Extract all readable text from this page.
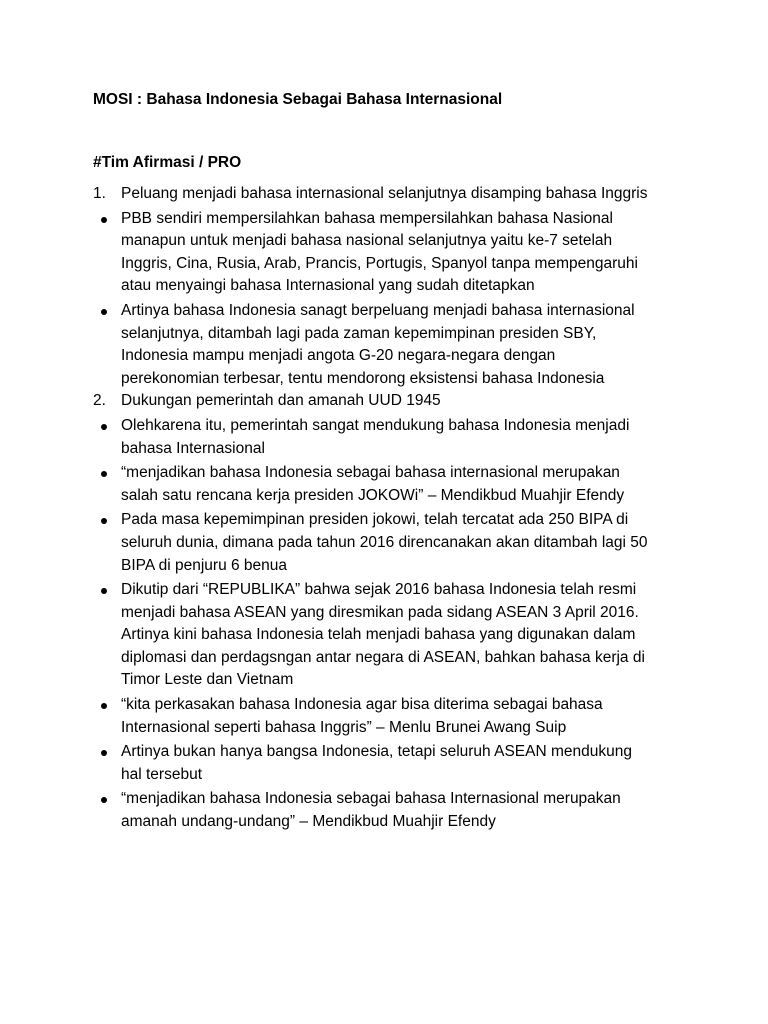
MOSI : Bahasa Indonesia Sebagai Bahasa Internasional
#Tim Afirmasi / PRO
1. Peluang menjadi bahasa internasional selanjutnya disamping bahasa Inggris
PBB sendiri mempersilahkan bahasa mempersilahkan bahasa Nasional manapun untuk menjadi bahasa nasional selanjutnya yaitu ke-7 setelah Inggris, Cina, Rusia, Arab, Prancis, Portugis, Spanyol tanpa mempengaruhi atau menyaingi bahasa Internasional yang sudah ditetapkan
Artinya bahasa Indonesia sanagt berpeluang menjadi bahasa internasional selanjutnya, ditambah lagi pada zaman kepemimpinan presiden SBY, Indonesia mampu menjadi angota G-20 negara-negara dengan perekonomian terbesar, tentu mendorong eksistensi bahasa Indonesia
2. Dukungan pemerintah dan amanah UUD 1945
Olehkarena itu, pemerintah sangat mendukung bahasa Indonesia menjadi bahasa Internasional
“menjadikan bahasa Indonesia sebagai bahasa internasional merupakan salah satu rencana kerja presiden JOKOWi” – Mendikbud Muahjir Efendy
Pada masa kepemimpinan presiden jokowi, telah tercatat ada 250 BIPA di seluruh dunia, dimana pada tahun 2016 direncanakan akan ditambah lagi 50 BIPA di penjuru 6 benua
Dikutip dari “REPUBLIKA” bahwa sejak 2016 bahasa Indonesia telah resmi menjadi bahasa ASEAN yang diresmikan pada sidang ASEAN 3 April 2016. Artinya kini bahasa Indonesia telah menjadi bahasa yang digunakan dalam diplomasi dan perdagsngan antar negara di ASEAN, bahkan bahasa kerja di Timor Leste dan Vietnam
“kita perkasakan bahasa Indonesia agar bisa diterima sebagai bahasa Internasional seperti bahasa Inggris” – Menlu Brunei Awang Suip
Artinya bukan hanya bangsa Indonesia, tetapi seluruh ASEAN mendukung hal tersebut
“menjadikan bahasa Indonesia sebagai bahasa Internasional merupakan amanah undang-undang” – Mendikbud Muahjir Efendy
